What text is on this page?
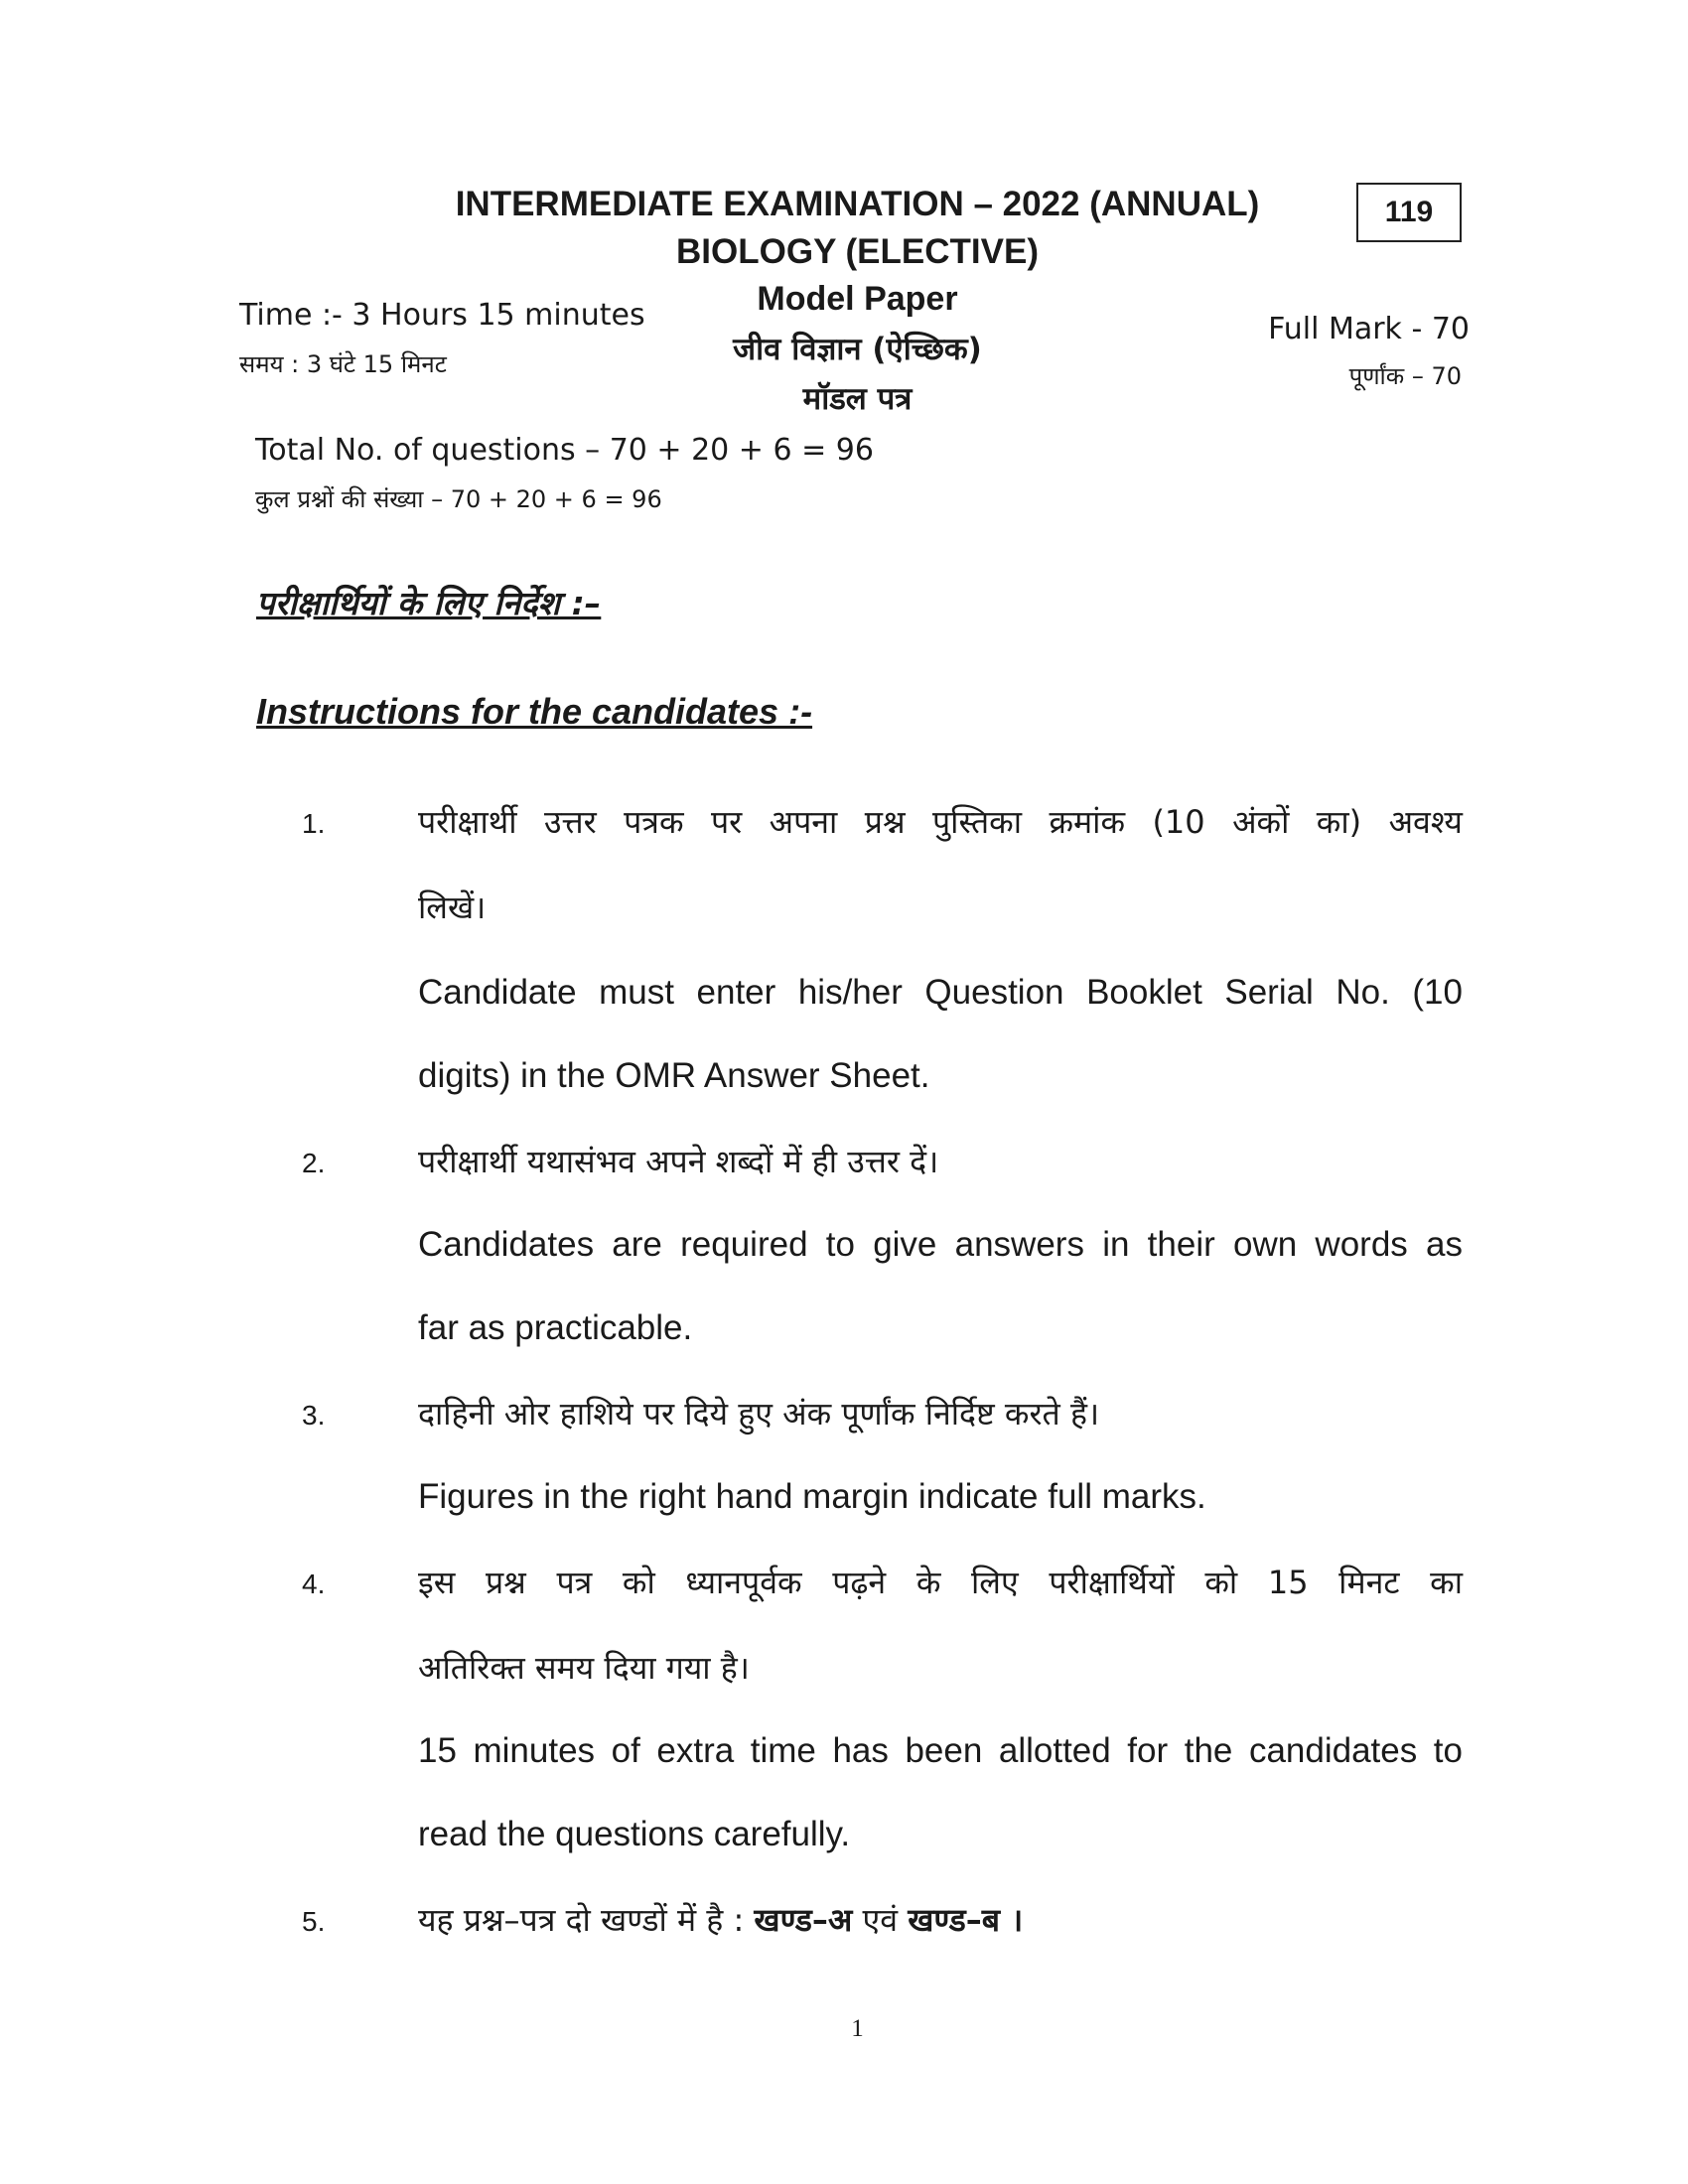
INTERMEDIATE EXAMINATION – 2022 (ANNUAL)	119
BIOLOGY (ELECTIVE)
Model Paper
जीव विज्ञान (ऐच्छिक)
मॉडल पत्र
Time :- 3 Hours 15 minutes
समय : 3 घंटे 15 मिनट
Full Mark - 70
पूर्णांक – 70
Total No. of questions – 70 + 20 + 6 = 96
कुल प्रश्नों की संख्या – 70 + 20 + 6 = 96
परीक्षार्थियों के लिए निर्देश :–
Instructions for the candidates :-
1.	परीक्षार्थी उत्तर पत्रक पर अपना प्रश्न पुस्तिका क्रमांक (10 अंकों का) अवश्य
लिखें।
Candidate must enter his/her Question Booklet Serial No. (10
digits) in the OMR Answer Sheet.
2.	परीक्षार्थी यथासंभव अपने शब्दों में ही उत्तर दें।
Candidates are required to give answers in their own words as
far as practicable.
3.	दाहिनी ओर हाशिये पर दिये हुए अंक पूर्णांक निर्दिष्ट करते हैं।
Figures in the right hand margin indicate full marks.
4.	इस प्रश्न पत्र को ध्यानपूर्वक पढ़ने के लिए परीक्षार्थियों को 15 मिनट का
अतिरिक्त समय दिया गया है।
15 minutes of extra time has been allotted for the candidates to
read the questions carefully.
5.	यह प्रश्न–पत्र दो खण्डों में है : खण्ड–अ एवं खण्ड–ब ।
1
